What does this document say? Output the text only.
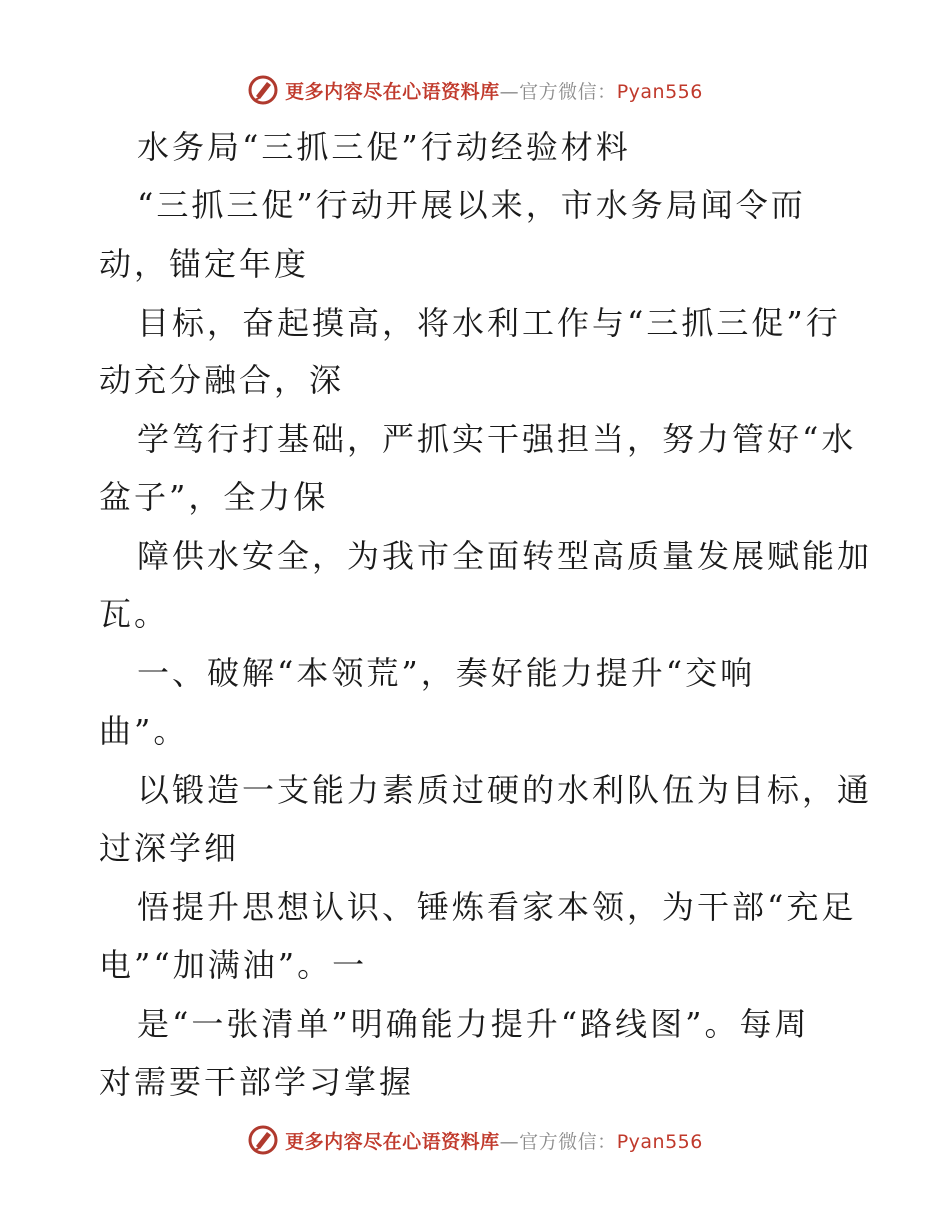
更多内容尽在心语资料库—官方微信：Pyan556
水务局“三抓三促”行动经验材料
“三抓三促”行动开展以来，市水务局闻令而
动，锚定年度
目标，奋起摸高，将水利工作与“三抓三促”行
动充分融合，深
学笃行打基础，严抓实干强担当，努力管好“水
盆子”，全力保
障供水安全，为我市全面转型高质量发展赋能加
瓦。
一、破解“本领荒”，奏好能力提升“交响
曲”。
以锻造一支能力素质过硬的水利队伍为目标，通
过深学细
悟提升思想认识、锤炼看家本领，为干部“充足
电”“加满油”。一
是“一张清单”明确能力提升“路线图”。每周
对需要干部学习掌握
更多内容尽在心语资料库—官方微信：Pyan556
